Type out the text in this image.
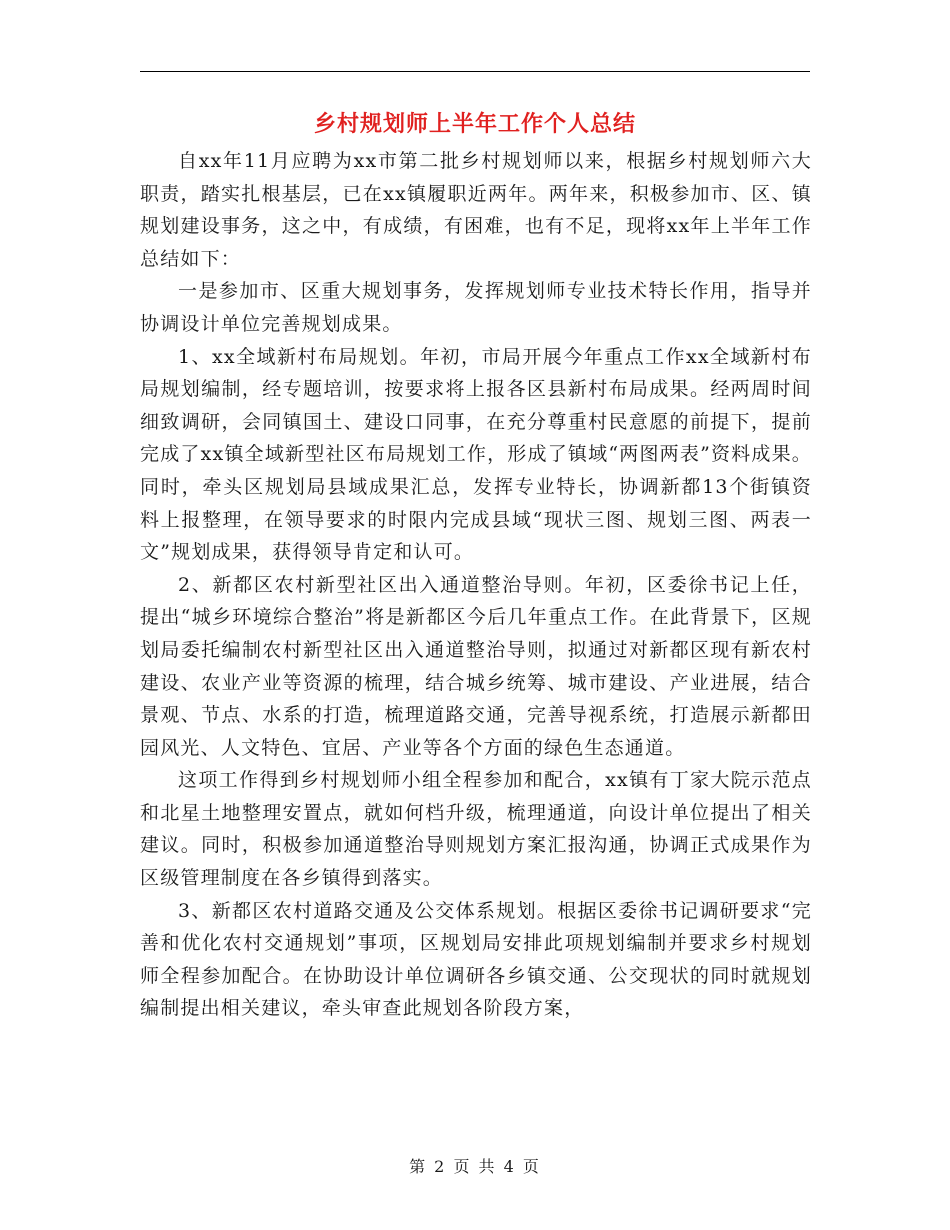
乡村规划师上半年工作个人总结

自xx年11月应聘为xx市第二批乡村规划师以来，根据乡村规划师六大职责，踏实扎根基层，已在xx镇履职近两年。两年来，积极参加市、区、镇规划建设事务，这之中，有成绩，有困难，也有不足，现将xx年上半年工作总结如下：

一是参加市、区重大规划事务，发挥规划师专业技术特长作用，指导并协调设计单位完善规划成果。

1、xx全域新村布局规划。年初，市局开展今年重点工作xx全域新村布局规划编制，经专题培训，按要求将上报各区县新村布局成果。经两周时间细致调研，会同镇国土、建设口同事，在充分尊重村民意愿的前提下，提前完成了xx镇全域新型社区布局规划工作，形成了镇域“两图两表”资料成果。同时，牵头区规划局县域成果汇总，发挥专业特长，协调新都13个街镇资料上报整理，在领导要求的时限内完成县域“现状三图、规划三图、两表一文”规划成果，获得领导肯定和认可。

2、新都区农村新型社区出入通道整治导则。年初，区委徐书记上任，提出“城乡环境综合整治”将是新都区今后几年重点工作。在此背景下，区规划局委托编制农村新型社区出入通道整治导则，拟通过对新都区现有新农村建设、农业产业等资源的梳理，结合城乡统筹、城市建设、产业进展，结合景观、节点、水系的打造，梳理道路交通，完善导视系统，打造展示新都田园风光、人文特色、宜居、产业等各个方面的绿色生态通道。

这项工作得到乡村规划师小组全程参加和配合，xx镇有丁家大院示范点和北星土地整理安置点，就如何档升级，梳理通道，向设计单位提出了相关建议。同时，积极参加通道整治导则规划方案汇报沟通，协调正式成果作为区级管理制度在各乡镇得到落实。

3、新都区农村道路交通及公交体系规划。根据区委徐书记调研要求“完善和优化农村交通规划”事项，区规划局安排此项规划编制并要求乡村规划师全程参加配合。在协助设计单位调研各乡镇交通、公交现状的同时就规划编制提出相关建议，牵头审查此规划各阶段方案，

第 2 页 共 4 页
